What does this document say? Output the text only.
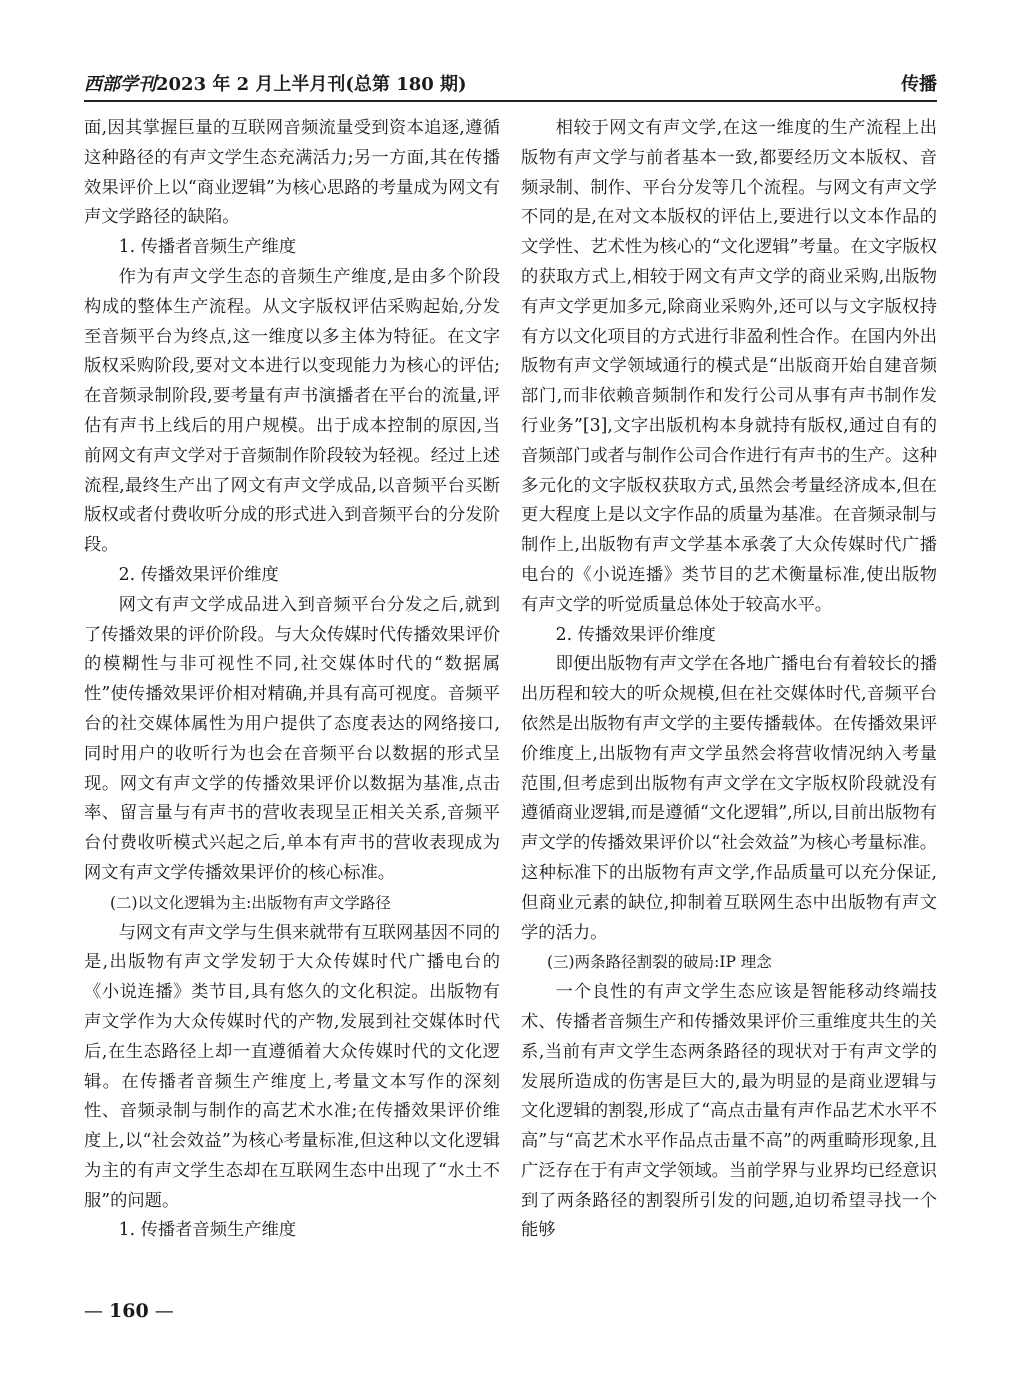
西部学刊2023 年 2 月上半月刊(总第 180 期)	传播

面,因其掌握巨量的互联网音频流量受到资本追逐,遵循这种路径的有声文学生态充满活力;另一方面,其在传播效果评价上以“商业逻辑”为核心思路的考量成为网文有声文学路径的缺陷。

1. 传播者音频生产维度

作为有声文学生态的音频生产维度,是由多个阶段构成的整体生产流程。从文字版权评估采购起始,分发至音频平台为终点,这一维度以多主体为特征。在文字版权采购阶段,要对文本进行以变现能力为核心的评估;在音频录制阶段,要考量有声书演播者在平台的流量,评估有声书上线后的用户规模。出于成本控制的原因,当前网文有声文学对于音频制作阶段较为轻视。经过上述流程,最终生产出了网文有声文学成品,以音频平台买断版权或者付费收听分成的形式进入到音频平台的分发阶段。

2. 传播效果评价维度

网文有声文学成品进入到音频平台分发之后,就到了传播效果的评价阶段。与大众传媒时代传播效果评价的模糊性与非可视性不同,社交媒体时代的“数据属性”使传播效果评价相对精确,并具有高可视度。音频平台的社交媒体属性为用户提供了态度表达的网络接口,同时用户的收听行为也会在音频平台以数据的形式呈现。网文有声文学的传播效果评价以数据为基准,点击率、留言量与有声书的营收表现呈正相关关系,音频平台付费收听模式兴起之后,单本有声书的营收表现成为网文有声文学传播效果评价的核心标准。

(二)以文化逻辑为主:出版物有声文学路径

与网文有声文学与生俱来就带有互联网基因不同的是,出版物有声文学发轫于大众传媒时代广播电台的《小说连播》类节目,具有悠久的文化积淀。出版物有声文学作为大众传媒时代的产物,发展到社交媒体时代后,在生态路径上却一直遵循着大众传媒时代的文化逻辑。在传播者音频生产维度上,考量文本写作的深刻性、音频录制与制作的高艺术水准;在传播效果评价维度上,以“社会效益”为核心考量标准,但这种以文化逻辑为主的有声文学生态却在互联网生态中出现了“水土不服”的问题。

1. 传播者音频生产维度

相较于网文有声文学,在这一维度的生产流程上出版物有声文学与前者基本一致,都要经历文本版权、音频录制、制作、平台分发等几个流程。与网文有声文学不同的是,在对文本版权的评估上,要进行以文本作品的文学性、艺术性为核心的“文化逻辑”考量。在文字版权的获取方式上,相较于网文有声文学的商业采购,出版物有声文学更加多元,除商业采购外,还可以与文字版权持有方以文化项目的方式进行非盈利性合作。在国内外出版物有声文学领域通行的模式是“出版商开始自建音频部门,而非依赖音频制作和发行公司从事有声书制作发行业务”[3],文字出版机构本身就持有版权,通过自有的音频部门或者与制作公司合作进行有声书的生产。这种多元化的文字版权获取方式,虽然会考量经济成本,但在更大程度上是以文字作品的质量为基准。在音频录制与制作上,出版物有声文学基本承袭了大众传媒时代广播电台的《小说连播》类节目的艺术衡量标准,使出版物有声文学的听觉质量总体处于较高水平。

2. 传播效果评价维度

即便出版物有声文学在各地广播电台有着较长的播出历程和较大的听众规模,但在社交媒体时代,音频平台依然是出版物有声文学的主要传播载体。在传播效果评价维度上,出版物有声文学虽然会将营收情况纳入考量范围,但考虑到出版物有声文学在文字版权阶段就没有遵循商业逻辑,而是遵循“文化逻辑”,所以,目前出版物有声文学的传播效果评价以“社会效益”为核心考量标准。这种标准下的出版物有声文学,作品质量可以充分保证,但商业元素的缺位,抑制着互联网生态中出版物有声文学的活力。

(三)两条路径割裂的破局:IP 理念

一个良性的有声文学生态应该是智能移动终端技术、传播者音频生产和传播效果评价三重维度共生的关系,当前有声文学生态两条路径的现状对于有声文学的发展所造成的伤害是巨大的,最为明显的是商业逻辑与文化逻辑的割裂,形成了“高点击量有声作品艺术水平不高”与“高艺术水平作品点击量不高”的两重畸形现象,且广泛存在于有声文学领域。当前学界与业界均已经意识到了两条路径的割裂所引发的问题,迫切希望寻找一个能够

— 160 —
